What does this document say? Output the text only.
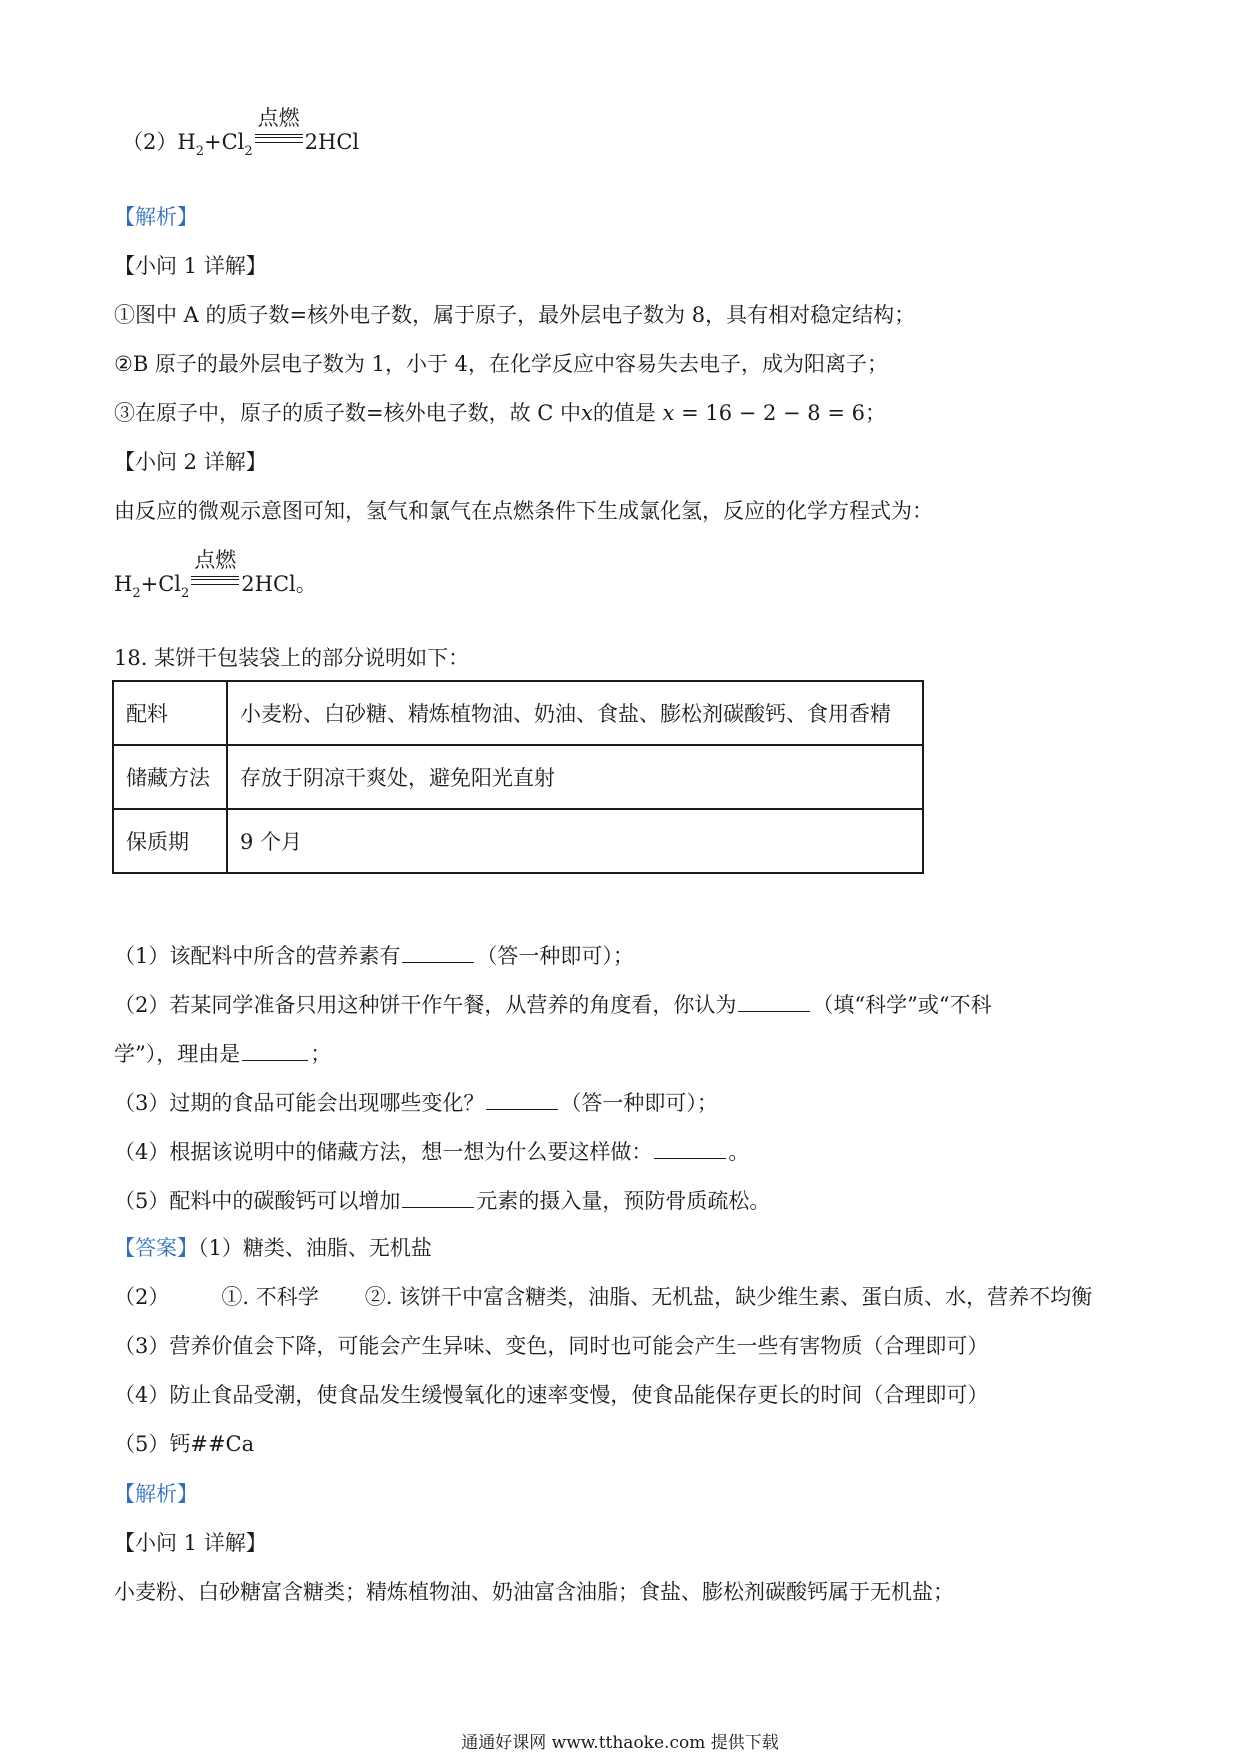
$(2)H_2+Cl_2$
点燃
2HCl
【解析】
【小问 1 详解】
①图中 A 的质子数=核外电子数，属于原子，最外层电子数为 8，具有相对稳定结构；
②B 原子的最外层电子数为 1，小于 4，在化学反应中容易失去电子，成为阳离子；
③在原子中，原子的质子数=核外电子数，故 C 中x的值是 x = 16 − 2 − 8 = 6；
【小问 2 详解】
由反应的微观示意图可知，氢气和氯气在点燃条件下生成氯化氢，反应的化学方程式为：
$H_2+Cl_2$
点燃
2HCl。
18. 某饼干包装袋上的部分说明如下：
配料	小麦粉、白砂糖、精炼植物油、奶油、食盐、膨松剂碳酸钙、食用香精
储藏方法	存放于阴凉干爽处，避免阳光直射
保质期	9 个月
（1）该配料中所含的营养素有	（答一种即可）；
（2）若某同学准备只用这种饼干作午餐，从营养的角度看，你认为	（填“科学”或“不科
学”），理由是	；
（3）过期的食品可能会出现哪些变化？	（答一种即可）；
（4）根据该说明中的储藏方法，想一想为什么要这样做：	。
（5）配料中的碳酸钙可以增加	元素的摄入量，预防骨质疏松。
【答案】（1）糖类、油脂、无机盐
（2） ①. 不科学 ②. 该饼干中富含糖类，油脂、无机盐，缺少维生素、蛋白质、水，营养不均衡
（3）营养价值会下降，可能会产生异味、变色，同时也可能会产生一些有害物质（合理即可）
（4）防止食品受潮，使食品发生缓慢氧化的速率变慢，使食品能保存更长的时间（合理即可）
（5）钙##Ca
【解析】
【小问 1 详解】
小麦粉、白砂糖富含糖类；精炼植物油、奶油富含油脂；食盐、膨松剂碳酸钙属于无机盐；
通通好课网 www.tthaoke.com 提供下载
